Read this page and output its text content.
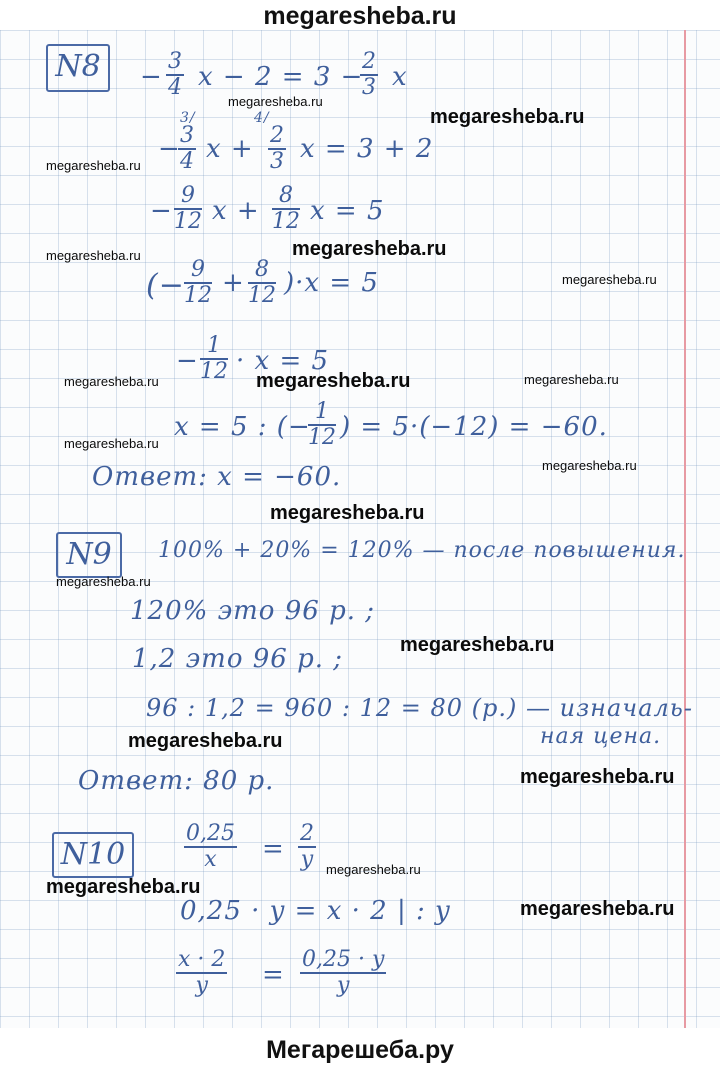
megaresheba.ru
N8	−
3
4 x − 2 = 3 −
2
3 x
−
3/
3
4 x +
4/
2
3 x = 3 + 2
−
9
12 x +
8
12 x = 5
(− 9
12 + 8
12 )·x = 5
−
1
12 · x = 5
x = 5 : (−
1
12 ) = 5·(−12) = −60.
Ответ: x = −60.
N9	100% + 20% = 120% — после повышения.
120% это 96 р. ;
1,2 это 96 р. ;
96 : 1,2 = 960 : 12 = 80 (р.) — изначаль-
ная цена.
Ответ: 80 р.
N10
0,25
x =
2
y
0,25 · y = x · 2 | : y
x · 2
y =
0,25 · y
y
megaresheba.ru
megaresheba.ru
megaresheba.ru
megaresheba.ru	megaresheba.ru
megaresheba.ru
megaresheba.ru	megaresheba.ru	megaresheba.ru
megaresheba.ru
megaresheba.ru
megaresheba.ru
megaresheba.ru
megaresheba.ru
megaresheba.ru
megaresheba.ru
megaresheba.ru
megaresheba.ru
megaresheba.ru
Мегарешеба.ру
